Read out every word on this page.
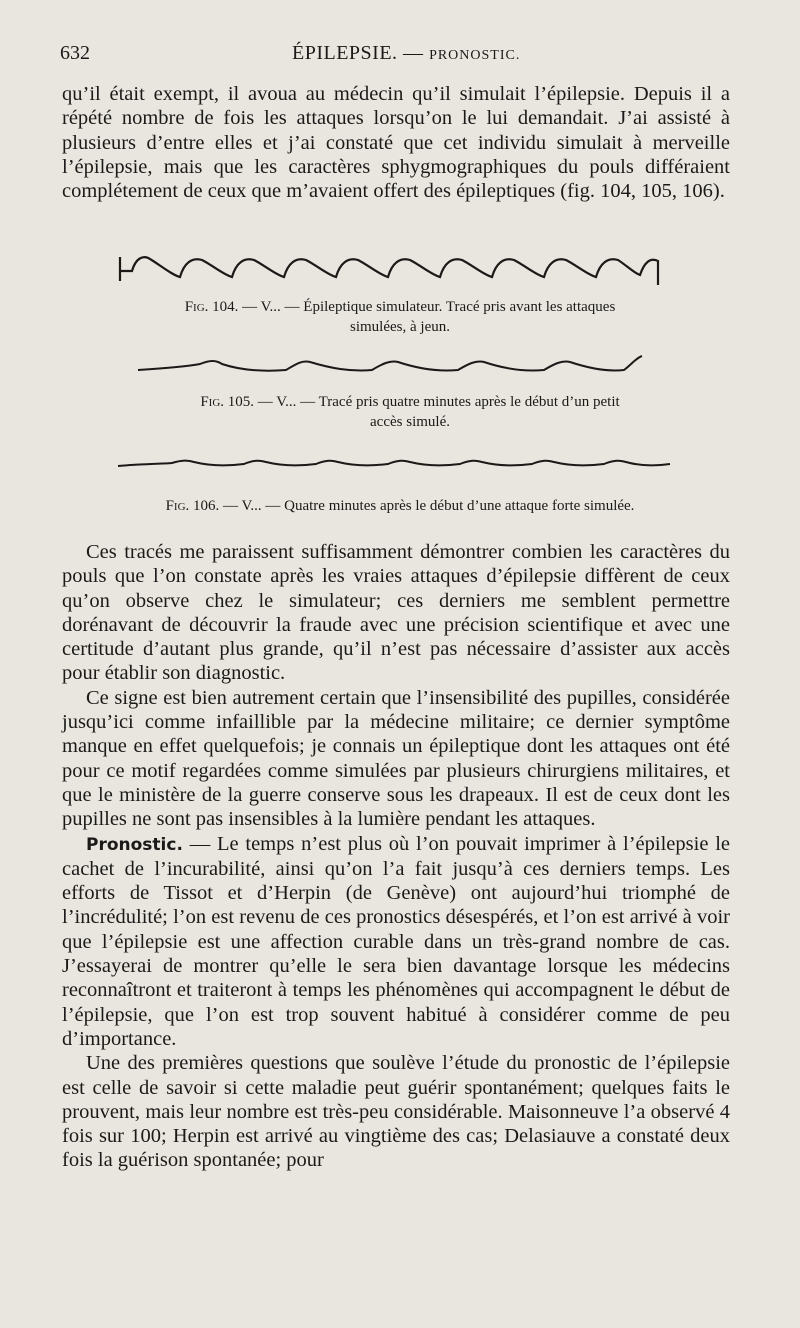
632	ÉPILEPSIE. — PRONOSTIC.

qu’il était exempt, il avoua au médecin qu’il simulait l’épilepsie. Depuis il a répété nombre de fois les attaques lorsqu’on le lui demandait. J’ai assisté à plusieurs d’entre elles et j’ai constaté que cet individu simulait à merveille l’épilepsie, mais que les caractères sphygmographiques du pouls différaient complétement de ceux que m’avaient offert des épileptiques (fig. 104, 105, 106).

Fig. 104. — V... — Épileptique simulateur. Tracé pris avant les attaques
simulées, à jeun.
Fig. 105. — V... — Tracé pris quatre minutes après le début d’un petit
accès simulé.
Fig. 106. — V... — Quatre minutes après le début d’une attaque forte simulée.

Ces tracés me paraissent suffisamment démontrer combien les caractères du pouls que l’on constate après les vraies attaques d’épilepsie diffèrent de ceux qu’on observe chez le simulateur; ces derniers me semblent permettre dorénavant de découvrir la fraude avec une précision scientifique et avec une certitude d’autant plus grande, qu’il n’est pas nécessaire d’assister aux accès pour établir son diagnostic.

Ce signe est bien autrement certain que l’insensibilité des pupilles, considérée jusqu’ici comme infaillible par la médecine militaire; ce dernier symptôme manque en effet quelquefois; je connais un épileptique dont les attaques ont été pour ce motif regardées comme simulées par plusieurs chirurgiens militaires, et que le ministère de la guerre conserve sous les drapeaux. Il est de ceux dont les pupilles ne sont pas insensibles à la lumière pendant les attaques.

Pronostic. — Le temps n’est plus où l’on pouvait imprimer à l’épilepsie le cachet de l’incurabilité, ainsi qu’on l’a fait jusqu’à ces derniers temps. Les efforts de Tissot et d’Herpin (de Genève) ont aujourd’hui triomphé de l’incrédulité; l’on est revenu de ces pronostics désespérés, et l’on est arrivé à voir que l’épilepsie est une affection curable dans un très-grand nombre de cas. J’essayerai de montrer qu’elle le sera bien davantage lorsque les médecins reconnaîtront et traiteront à temps les phénomènes qui accompagnent le début de l’épilepsie, que l’on est trop souvent habitué à considérer comme de peu d’importance.

Une des premières questions que soulève l’étude du pronostic de l’épilepsie est celle de savoir si cette maladie peut guérir spontanément; quelques faits le prouvent, mais leur nombre est très-peu considérable. Maisonneuve l’a observé 4 fois sur 100; Herpin est arrivé au vingtième des cas; Delasiauve a constaté deux fois la guérison spontanée; pour
